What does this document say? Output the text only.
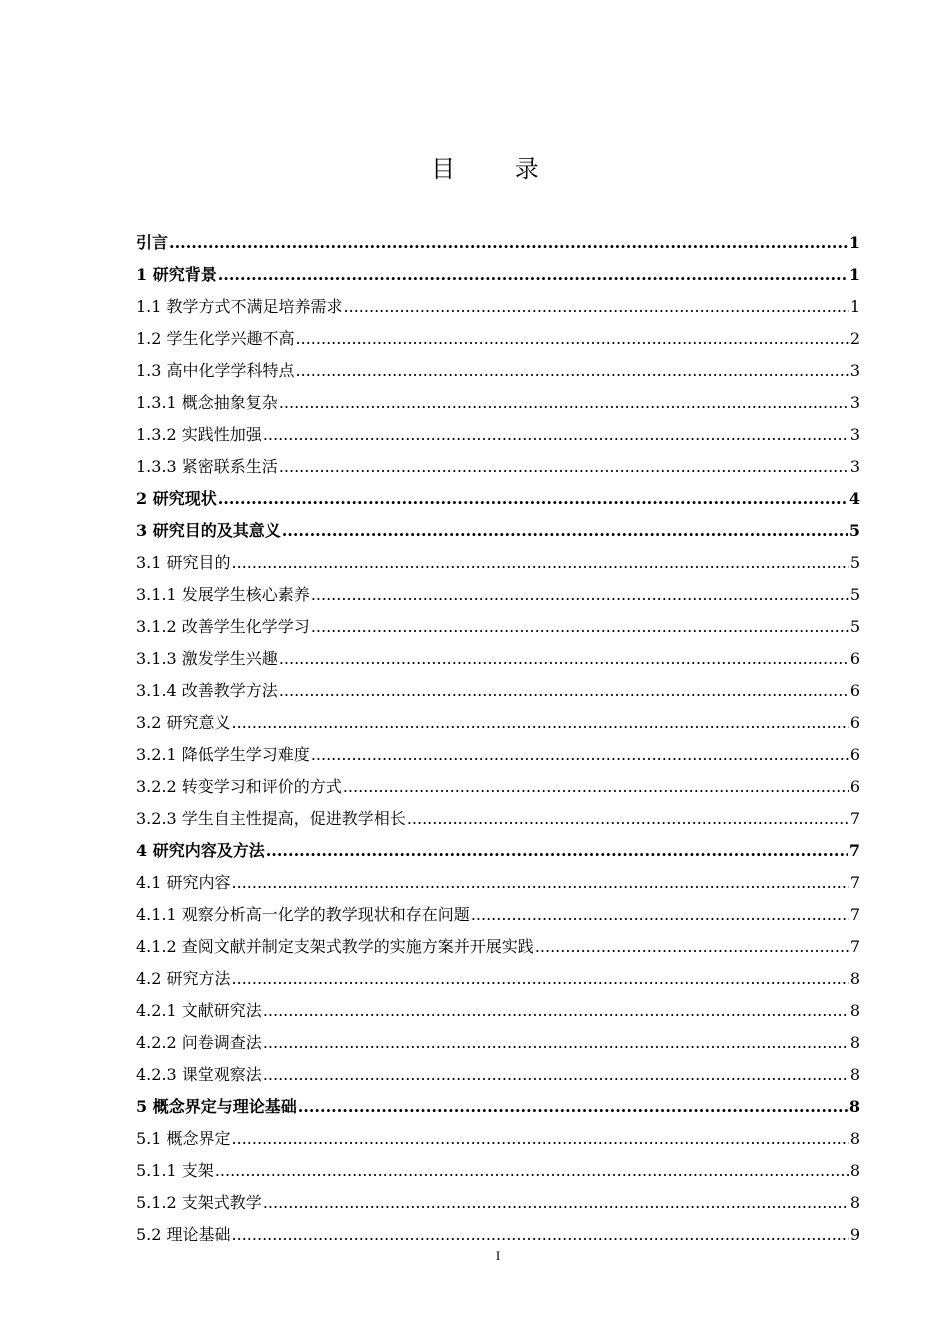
目 录
引言 .....	1
1 研究背景 .....	1
1.1 教学方式不满足培养需求 .....	1
1.2 学生化学兴趣不高 .....	2
1.3 高中化学学科特点 .....	3
1.3.1 概念抽象复杂 .....	3
1.3.2 实践性加强 .....	3
1.3.3 紧密联系生活 .....	3
2 研究现状 .....	4
3 研究目的及其意义 .....	5
3.1 研究目的 .....	5
3.1.1 发展学生核心素养 .....	5
3.1.2 改善学生化学学习 .....	5
3.1.3 激发学生兴趣 .....	6
3.1.4 改善教学方法 .....	6
3.2 研究意义 .....	6
3.2.1 降低学生学习难度 .....	6
3.2.2 转变学习和评价的方式 .....	6
3.2.3 学生自主性提高，促进教学相长 .....	7
4 研究内容及方法 .....	7
4.1 研究内容 .....	7
4.1.1 观察分析高一化学的教学现状和存在问题 .....	7
4.1.2 查阅文献并制定支架式教学的实施方案并开展实践 .....	7
4.2 研究方法 .....	8
4.2.1 文献研究法 .....	8
4.2.2 问卷调查法 .....	8
4.2.3 课堂观察法 .....	8
5 概念界定与理论基础 .....	8
5.1 概念界定 .....	8
5.1.1 支架 .....	8
5.1.2 支架式教学 .....	8
5.2 理论基础 .....	9
I
